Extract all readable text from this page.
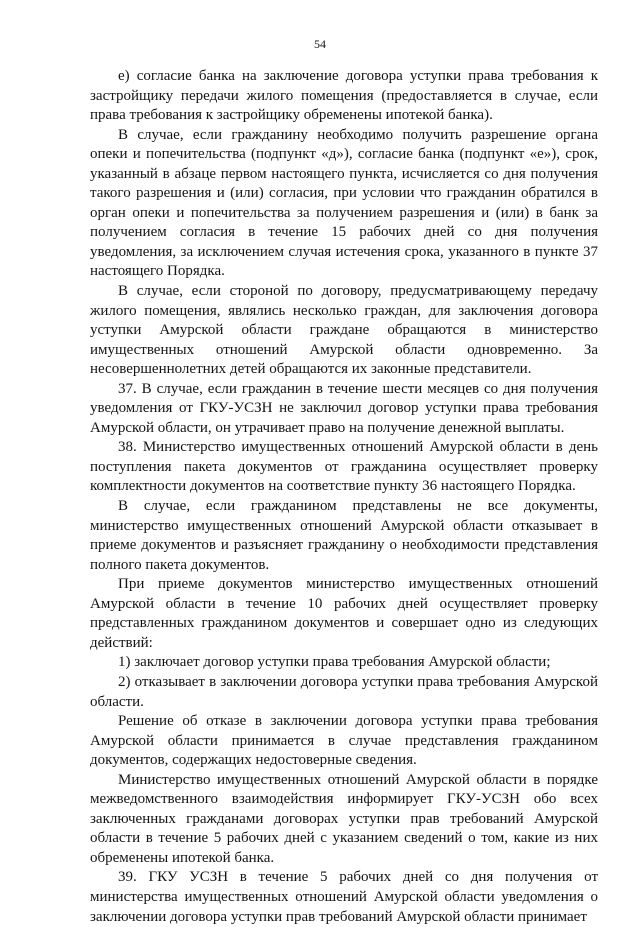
54

е) согласие банка на заключение договора уступки права требования к застройщику передачи жилого помещения (предоставляется в случае, если права требования к застройщику обременены ипотекой банка).

В случае, если гражданину необходимо получить разрешение органа опеки и попечительства (подпункт «д»), согласие банка (подпункт «е»), срок, указанный в абзаце первом настоящего пункта, исчисляется со дня получения такого разрешения и (или) согласия, при условии что гражданин обратился в орган опеки и попечительства за получением разрешения и (или) в банк за получением согласия в течение 15 рабочих дней со дня получения уведомления, за исключением случая истечения срока, указанного в пункте 37 настоящего Порядка.

В случае, если стороной по договору, предусматривающему передачу жилого помещения, являлись несколько граждан, для заключения договора уступки Амурской области граждане обращаются в министерство имущественных отношений Амурской области одновременно. За несовершеннолетних детей обращаются их законные представители.

37. В случае, если гражданин в течение шести месяцев со дня получения уведомления от ГКУ-УСЗН не заключил договор уступки права требования Амурской области, он утрачивает право на получение денежной выплаты.

38. Министерство имущественных отношений Амурской области в день поступления пакета документов от гражданина осуществляет проверку комплектности документов на соответствие пункту 36 настоящего Порядка.

В случае, если гражданином представлены не все документы, министерство имущественных отношений Амурской области отказывает в приеме документов и разъясняет гражданину о необходимости представления полного пакета документов.

При приеме документов министерство имущественных отношений Амурской области в течение 10 рабочих дней осуществляет проверку представленных гражданином документов и совершает одно из следующих действий:

1) заключает договор уступки права требования Амурской области;

2) отказывает в заключении договора уступки права требования Амурской области.

Решение об отказе в заключении договора уступки права требования Амурской области принимается в случае представления гражданином документов, содержащих недостоверные сведения.

Министерство имущественных отношений Амурской области в порядке межведомственного взаимодействия информирует ГКУ-УСЗН обо всех заключенных гражданами договорах уступки прав требований Амурской области в течение 5 рабочих дней с указанием сведений о том, какие из них обременены ипотекой банка.

39. ГКУ УСЗН в течение 5 рабочих дней со дня получения от министерства имущественных отношений Амурской области уведомления о заключении договора уступки прав требований Амурской области принимает
